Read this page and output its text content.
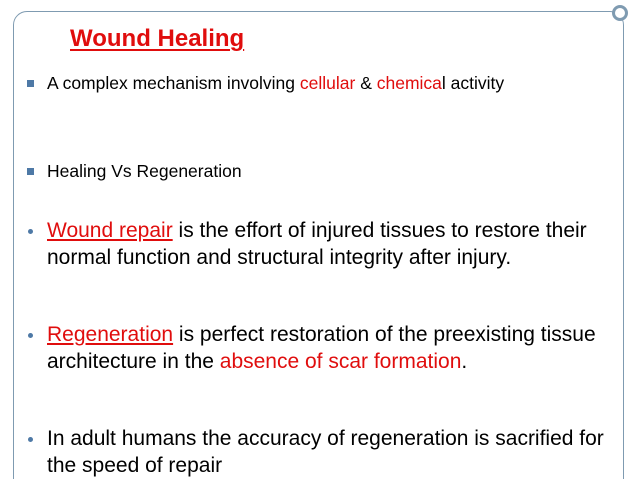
Wound Healing

A complex mechanism involving cellular & chemical activity

Healing Vs Regeneration

Wound repair is the effort of injured tissues to restore their normal function and structural integrity after injury.

Regeneration is perfect restoration of the preexisting tissue architecture in the absence of scar formation.

In adult humans the accuracy of regeneration is sacrified for the speed of repair
